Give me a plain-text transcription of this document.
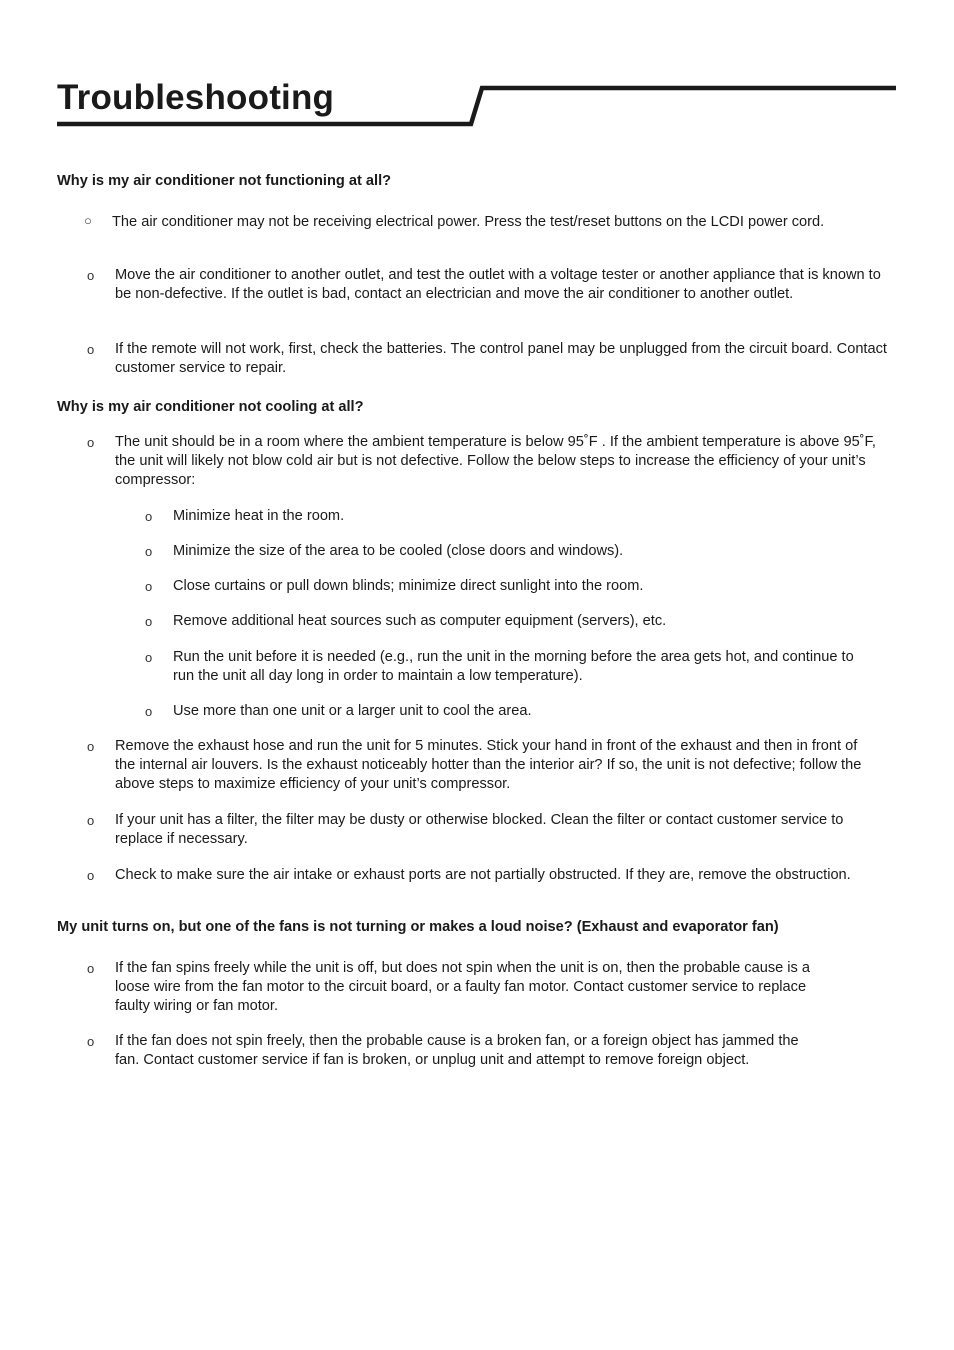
Troubleshooting
Why is my air conditioner not functioning at all?
○ The air conditioner may not be receiving electrical power. Press the test/reset buttons on the LCDI power cord.
o Move the air conditioner to another outlet, and test the outlet with a voltage tester or another appliance that is known to be non-defective. If the outlet is bad, contact an electrician and move the air conditioner to another outlet.
o If the remote will not work, first, check the batteries. The control panel may be unplugged from the circuit board. Contact customer service to repair.
Why is my air conditioner not cooling at all?
o The unit should be in a room where the ambient temperature is below 95˚F . If the ambient temperature is above 95˚F, the unit will likely not blow cold air but is not defective. Follow the below steps to increase the efficiency of your unit’s compressor:
o Minimize heat in the room.
o Minimize the size of the area to be cooled (close doors and windows).
o Close curtains or pull down blinds; minimize direct sunlight into the room.
o Remove additional heat sources such as computer equipment (servers), etc.
o Run the unit before it is needed (e.g., run the unit in the morning before the area gets hot, and continue to run the unit all day long in order to maintain a low temperature).
o Use more than one unit or a larger unit to cool the area.
o Remove the exhaust hose and run the unit for 5 minutes. Stick your hand in front of the exhaust and then in front of the internal air louvers. Is the exhaust noticeably hotter than the interior air? If so, the unit is not defective; follow the above steps to maximize efficiency of your unit’s compressor.
o If your unit has a filter, the filter may be dusty or otherwise blocked. Clean the filter or contact customer service to replace if necessary.
o Check to make sure the air intake or exhaust ports are not partially obstructed. If they are, remove the obstruction.
My unit turns on, but one of the fans is not turning or makes a loud noise? (Exhaust and evaporator fan)
o If the fan spins freely while the unit is off, but does not spin when the unit is on, then the probable cause is a loose wire from the fan motor to the circuit board, or a faulty fan motor. Contact customer service to replace faulty wiring or fan motor.
o If the fan does not spin freely, then the probable cause is a broken fan, or a foreign object has jammed the fan. Contact customer service if fan is broken, or unplug unit and attempt to remove foreign object.
